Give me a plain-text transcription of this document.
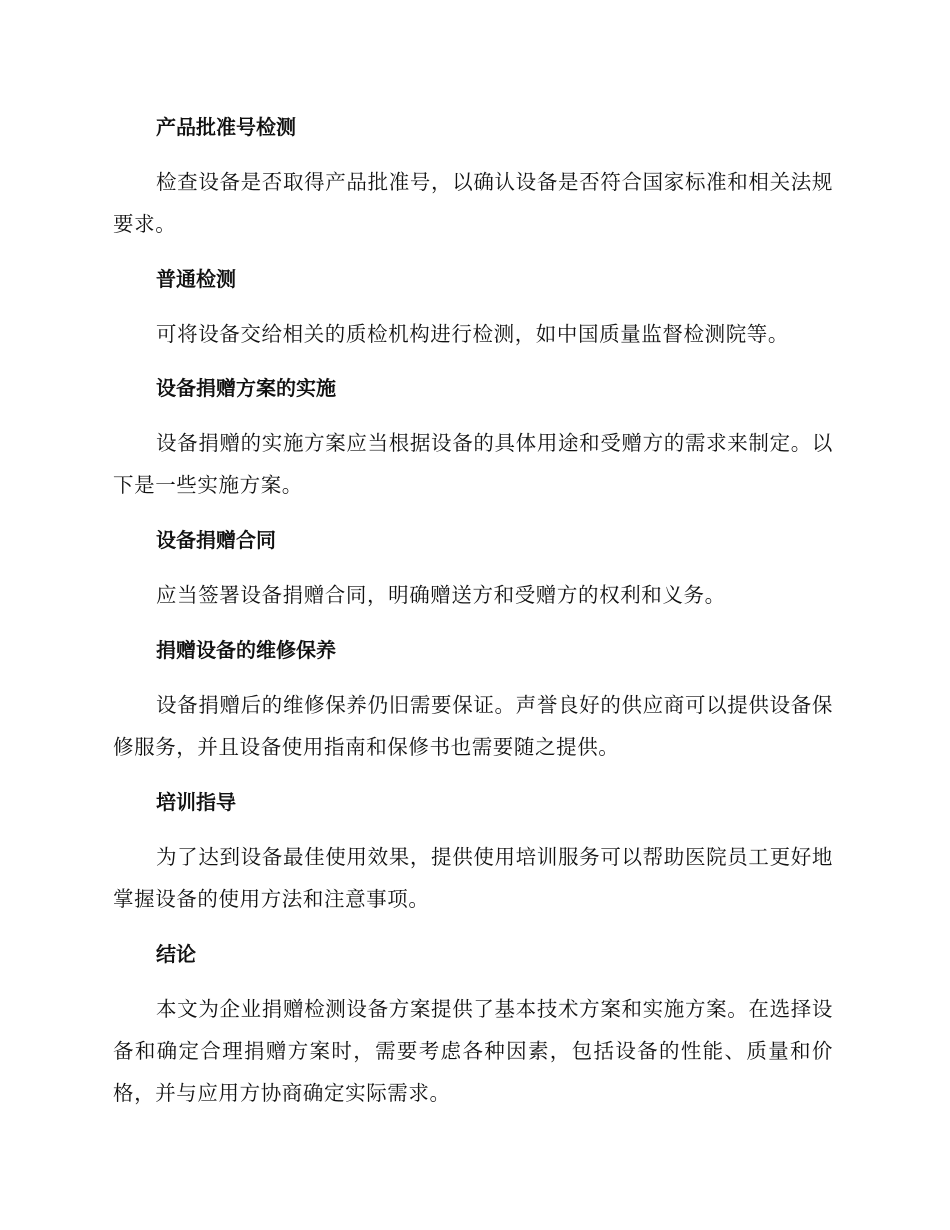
产品批准号检测

检查设备是否取得产品批准号，以确认设备是否符合国家标准和相关法规要求。

普通检测

可将设备交给相关的质检机构进行检测，如中国质量监督检测院等。

设备捐赠方案的实施

设备捐赠的实施方案应当根据设备的具体用途和受赠方的需求来制定。以下是一些实施方案。

设备捐赠合同

应当签署设备捐赠合同，明确赠送方和受赠方的权利和义务。

捐赠设备的维修保养

设备捐赠后的维修保养仍旧需要保证。声誉良好的供应商可以提供设备保修服务，并且设备使用指南和保修书也需要随之提供。

培训指导

为了达到设备最佳使用效果，提供使用培训服务可以帮助医院员工更好地掌握设备的使用方法和注意事项。

结论

本文为企业捐赠检测设备方案提供了基本技术方案和实施方案。在选择设备和确定合理捐赠方案时，需要考虑各种因素，包括设备的性能、质量和价格，并与应用方协商确定实际需求。
